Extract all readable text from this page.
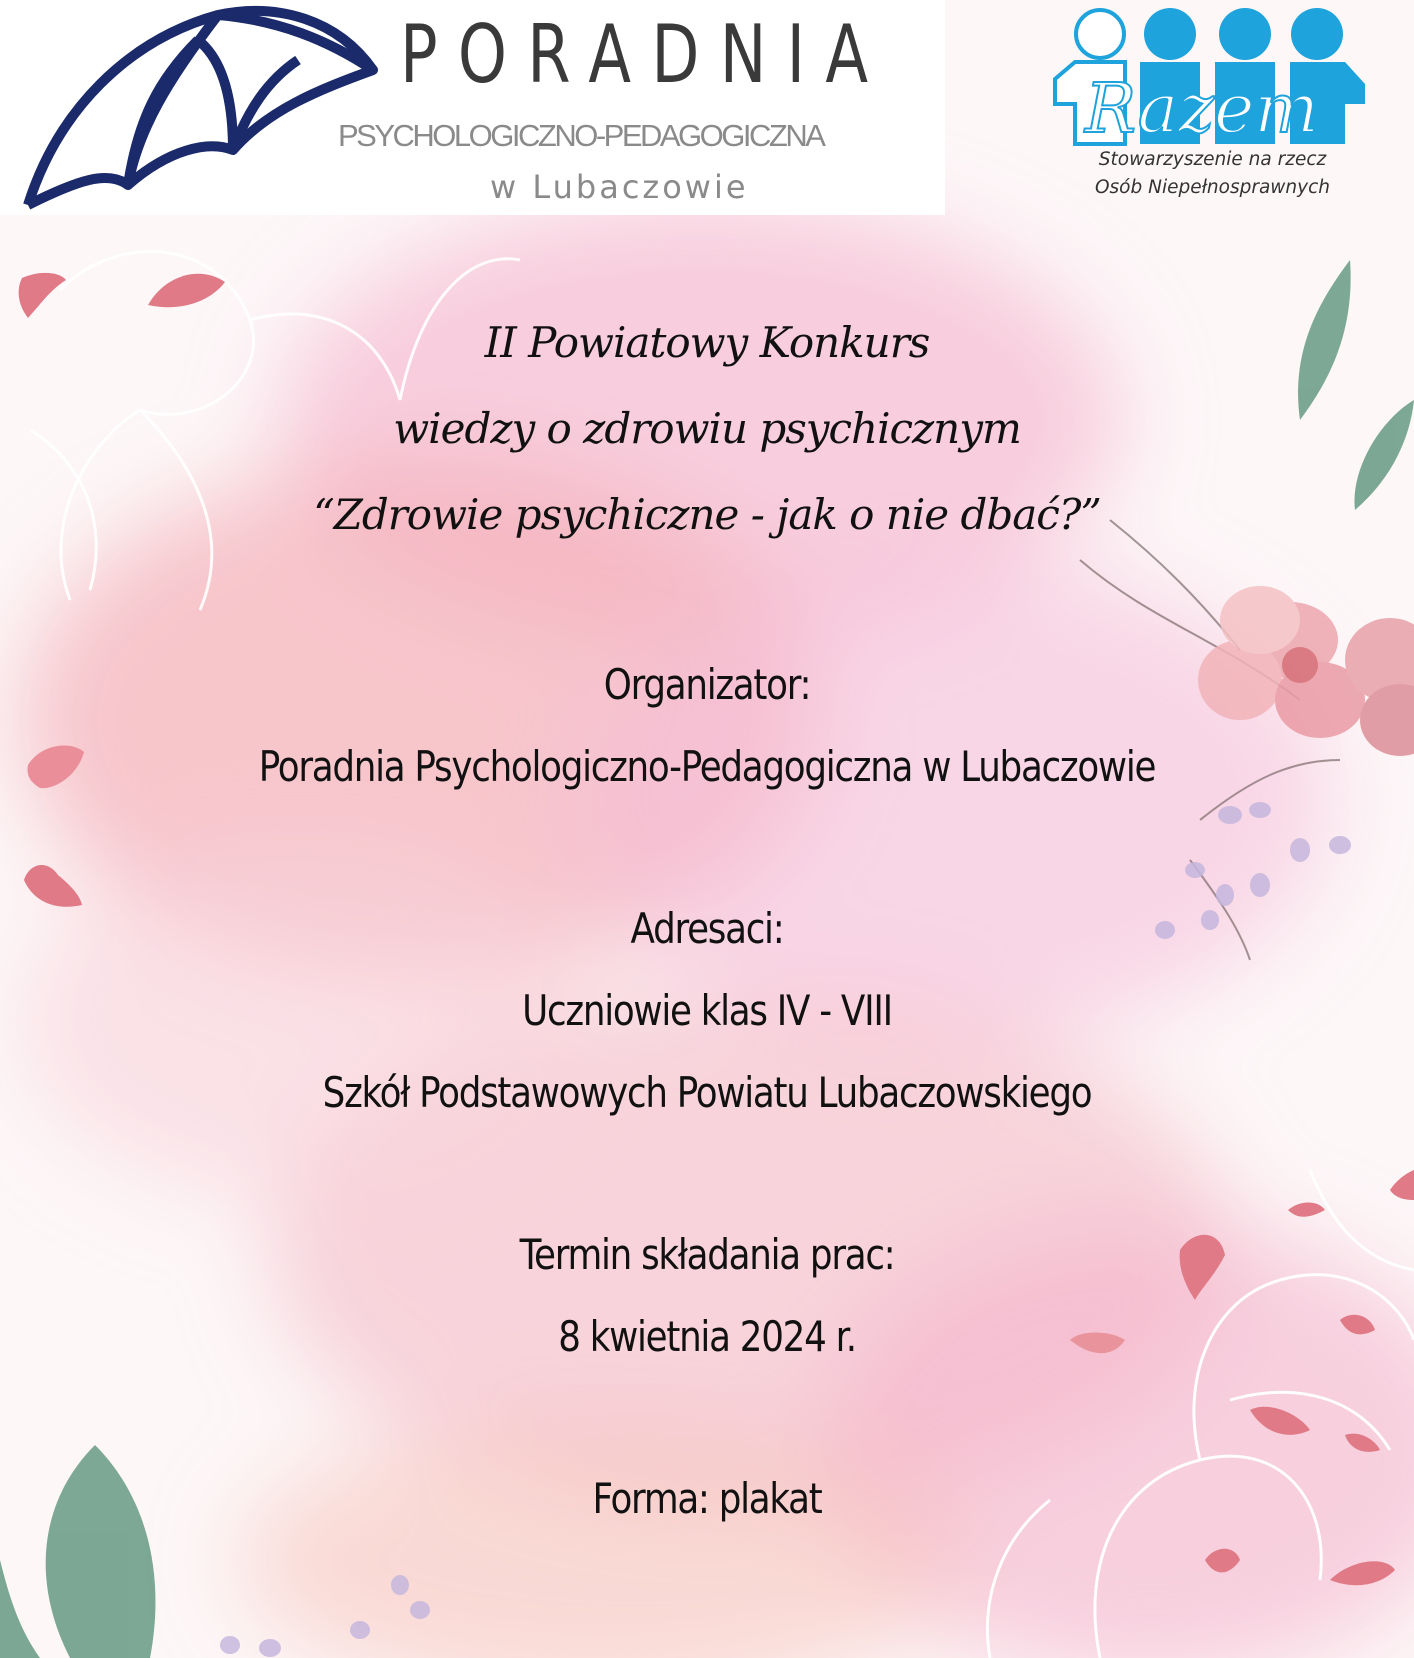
PORADNIA
PSYCHOLOGICZNO-PEDAGOGICZNA
w Lubaczowie
Razem
Stowarzyszenie na rzecz
Osób Niepełnosprawnych
II Powiatowy Konkurs
wiedzy o zdrowiu psychicznym
“Zdrowie psychiczne - jak o nie dbać?”
Organizator:
Poradnia Psychologiczno-Pedagogiczna w Lubaczowie
Adresaci:
Uczniowie klas IV - VIII
Szkół Podstawowych Powiatu Lubaczowskiego
Termin składania prac:
8 kwietnia 2024 r.
Forma: plakat
